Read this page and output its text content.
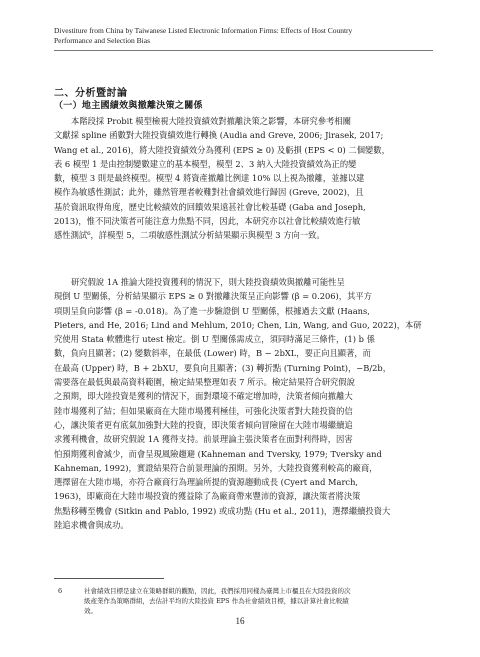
Divestiture from China by Taiwanese Listed Electronic Information Firms: Effects of Host Country
Performance and Selection Bias
二、分析暨討論
（一）地主國績效與撤離決策之關係
本階段採 Probit 模型檢視大陸投資績效對撤離決策之影響，本研究參考相關
文獻採 spline 函數對大陸投資績效進行轉換 (Audia and Greve, 2006; Jirasek, 2017;
Wang et al., 2016)，將大陸投資績效分為獲利 (EPS ≥ 0) 及虧損 (EPS < 0) 二個變數，
表 6 模型 1 是由控制變數建立的基本模型，模型 2、3 納入大陸投資績效為正的變
數，模型 3 則是最終模型。模型 4 將資產撤離比例達 10% 以上視為撤離，並據以建
模作為敏感性測試；此外，雖然管理者較難對社會績效進行歸因 (Greve, 2002)，且
基於資訊取得角度，歷史比較績效的回饋效果遠甚社會比較基礎 (Gaba and Joseph,
2013)，惟不同決策者可能注意力焦點不同，因此，本研究亦以社會比較績效進行敏
感性測試⁶，詳模型 5，二項敏感性測試分析結果顯示與模型 3 方向一致。
研究假說 1A 推論大陸投資獲利的情況下，則大陸投資績效與撤離可能性呈
現倒 U 型關係，分析結果顯示 EPS ≥ 0 對撤離決策呈正向影響 (β = 0.206)，其平方
項則呈負向影響 (β = -0.018)。為了進一步驗證倒 U 型關係，根據過去文獻 (Haans,
Pieters, and He, 2016; Lind and Mehlum, 2010; Chen, Lin, Wang, and Guo, 2022)，本研
究使用 Stata 軟體進行 utest 檢定。倒 U 型關係需成立，須同時滿足三條件，(1) b 係
數，負向且顯著；(2) 變數斜率，在最低 (Lower) 時，B − 2bXL，要正向且顯著，而
在最高 (Upper) 時，B + 2bXU，要負向且顯著；(3) 轉折點 (Turning Point)，−B/2b，
需要落在最低與最高資料範圍，檢定結果整理如表 7 所示。檢定結果符合研究假說
之預期，即大陸投資是獲利的情況下，面對環境不確定增加時，決策者傾向撤離大
陸市場獲利了結；但如果廠商在大陸市場獲利極佳，可強化決策者對大陸投資的信
心，讓決策者更有底氣加強對大陸的投資，即決策者傾向冒險留在大陸市場繼續追
求獲利機會，故研究假說 1A 獲得支持。前景理論主張決策者在面對利得時，因害
怕預期獲利會減少，而會呈現風險趨避 (Kahneman and Tversky, 1979; Tversky and
Kahneman, 1992)，實證結果符合前景理論的預期。另外，大陸投資獲利較高的廠商，
選擇留在大陸市場，亦符合廠商行為理論所提的資源趨動成長 (Cyert and March,
1963)，即廠商在大陸市場投資的獲益除了為廠商帶來豐沛的資源，讓決策者將決策
焦點移轉至機會 (Sitkin and Pablo, 1992) 或成功點 (Hu et al., 2011)，選擇繼續投資大
陸追求機會與成功。
6	社會績效目標是建立在策略群組的觀點，因此，我們採用同樣為臺灣上市櫃且在大陸投資的次
級產業作為策略群組，去估計平均的大陸投資 EPS 作為社會績效目標，據以計算社會比較績
效。
16
